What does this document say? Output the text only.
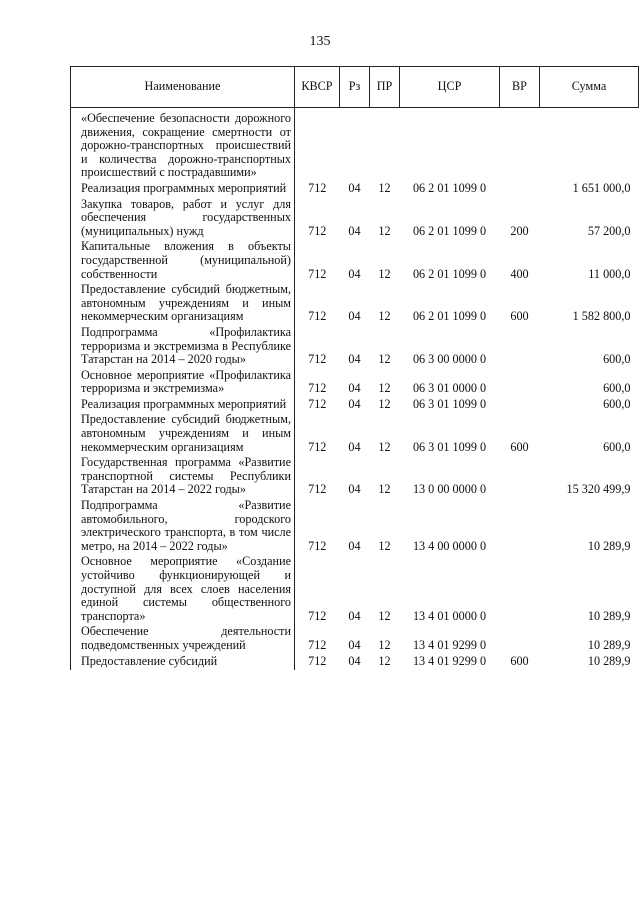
135
Наименование	КВСР	Рз	ПР	ЦСР	ВР	Сумма
«Обеспечение безопасности дорожного движения, сокращение смертности от дорожно-транспортных происшествий и количества дорожно-транспортных происшествий с пострадавшими»						
Реализация программных мероприятий	712	04	12	06 2 01 1099 0		1 651 000,0
Закупка товаров, работ и услуг для обеспечения государственных (муниципальных) нужд	712	04	12	06 2 01 1099 0	200	57 200,0
Капитальные вложения в объекты государственной (муниципальной) собственности	712	04	12	06 2 01 1099 0	400	11 000,0
Предоставление субсидий бюджетным, автономным учреждениям и иным некоммерческим организациям	712	04	12	06 2 01 1099 0	600	1 582 800,0
Подпрограмма «Профилактика терроризма и экстремизма в Республике Татарстан на 2014 – 2020 годы»	712	04	12	06 3 00 0000 0		600,0
Основное мероприятие «Профилактика терроризма и экстремизма»	712	04	12	06 3 01 0000 0		600,0
Реализация программных мероприятий	712	04	12	06 3 01 1099 0		600,0
Предоставление субсидий бюджетным, автономным учреждениям и иным некоммерческим организациям	712	04	12	06 3 01 1099 0	600	600,0
Государственная программа «Развитие транспортной системы Республики Татарстан на 2014 – 2022 годы»	712	04	12	13 0 00 0000 0		15 320 499,9
Подпрограмма «Развитие автомобильного, городского электрического транспорта, в том числе метро, на 2014 – 2022 годы»	712	04	12	13 4 00 0000 0		10 289,9
Основное мероприятие «Создание устойчиво функционирующей и доступной для всех слоев населения единой системы общественного транспорта»	712	04	12	13 4 01 0000 0		10 289,9
Обеспечение деятельности подведомственных учреждений	712	04	12	13 4 01 9299 0		10 289,9
Предоставление субсидий	712	04	12	13 4 01 9299 0	600	10 289,9
